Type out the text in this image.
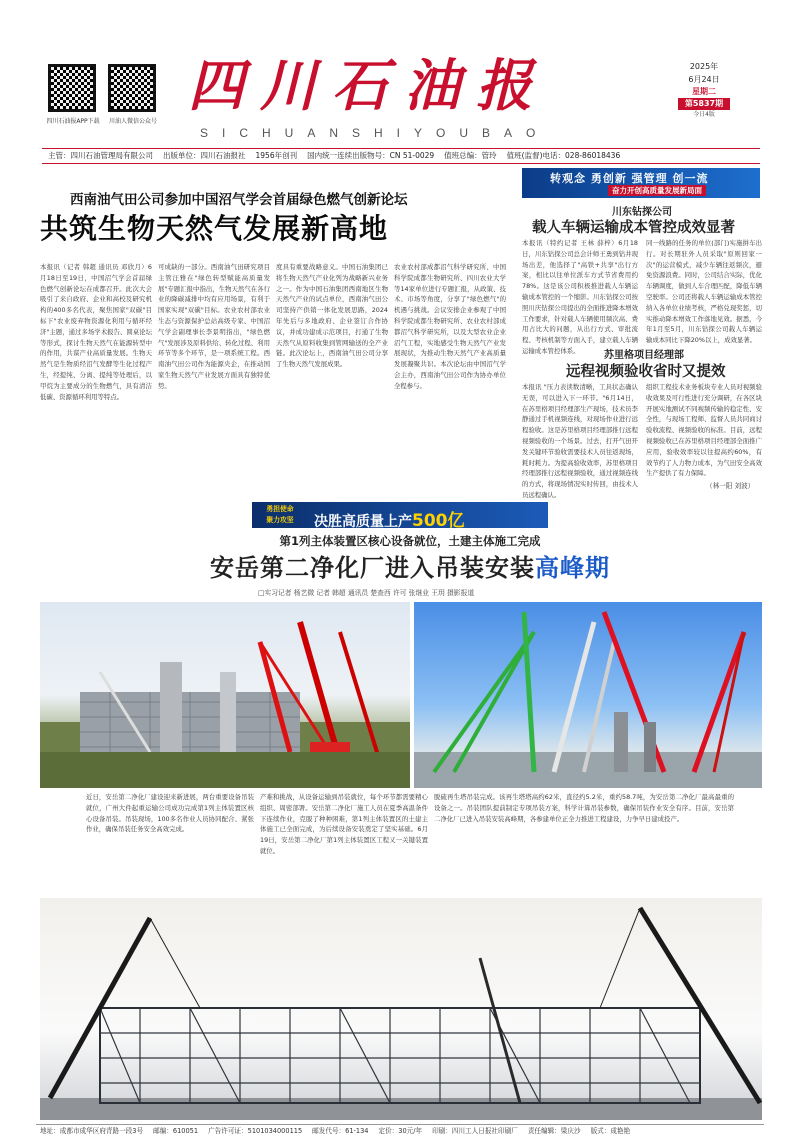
四川石油报APP下载	川油人微信公众号
四川石油报
SICHUANSHIYOUBAO
2025年
6月24日
星期二
第5837期
今日4版
主管：四川石油管理局有限公司 出版单位：四川石油报社 1956年创刊 国内统一连续出版物号：CN 51-0029 值班总编：管玲 值班(监督)电话：028-86018436
西南油气田公司参加中国沼气学会首届绿色燃气创新论坛
共筑生物天然气发展新高地
本报讯（记者 韩超 通讯员 邓欣月）6月18日至19日，中国沼气学会首届绿色燃气创新论坛在成都召开。此次大会吸引了来自政府、企业和高校及研究机构的400多名代表，聚焦国家"双碳"目标下"农业废弃物资源化利用与循环经济"主题，通过多场学术报告、圆桌论坛等形式，探讨生物天然气在能源转型中的作用，共谋产业高质量发展。生物天然气是生物质经沼气发酵等生化过程产生，经提纯、分离、提纯等处理后，以甲烷为主要成分的生物燃气，具有清洁低碳、资源循环利用等特点。
可成缺的一部分。西南油气田研究项目主管汪雅在"绿色转型赋能高质量发展"专题汇报中指出，生物天然气在各行业的降碳减排中均有应用场景，有利于国家实现"双碳"目标。农业农村部农业生态与资源保护总站高级专家、中国沼气学会副理事长李景明指出，"绿色燃气"发展涉及原料供给、转化过程、利用环节等多个环节，是一项系统工程。西南油气田公司作为能源央企，在推动国家生物天然气产业发展方面具有独特优势。
度具有重要战略意义。中国石油集团已将生物天然气产业化列为战略新兴业务之一。作为中国石油集团西南地区生物天然气产业的试点单位，西南油气田公司坚持产供销一体化发展思路，2024年先后与多地政府、企业签订合作协议，并成功建成示范项目，打通了生物天然气从原料收集到管网输送的全产业链。此次论坛上，西南油气田公司分享了生物天然气发展成果。
农业农村部成都沼气科学研究所、中国科学院成都生物研究所、四川农业大学等14家单位进行专题汇报，从政策、技术、市场等角度，分享了"绿色燃气"的机遇与挑战。会议安排企业参观了中国科学院成都生物研究所、农业农村部成都沼气科学研究所，以及大型农业企业沼气工程，实地感受生物天然气产业发展现状，为推动生物天然气产业高质量发展凝聚共识。本次论坛由中国沼气学会主办，西南油气田公司作为协办单位全程参与。
转观念 勇创新 强管理 创一流
奋力开创高质量发展新局面
川东钻探公司
载人车辆运输成本管控成效显著
本报讯（特约记者 王林 薛梓）6月18日，川东钻探公司总会计师王勇到钻井现场出差，他选择了"高铁+共享"出行方案，相比以往单位派车方式节省费用约78%。这是该公司积极推进载人车辆运输成本管控的一个缩影。川东钻探公司按照川庆钻探公司提出的全面推进降本增效工作要求，针对载人车辆使用频次高、费用占比大的问题，从出行方式、审批流程、考核机制等方面入手，建立载人车辆运输成本管控体系。
同一线路的任务的单位(部门)实施拼车出行。对长期驻外人员采取"原则回家一次"的运营模式，减少车辆往返频次，避免资源浪费。同时，公司结合实际，优化车辆调度，做到人车合理匹配，降低车辆空驶率。公司还将载人车辆运输成本管控纳入各单位业绩考核，严格兑现奖惩，切实推动降本增效工作落地见效。据悉，今年1月至5月，川东钻探公司载人车辆运输成本同比下降20%以上，成效显著。
苏里格项目经理部
远程视频验收省时又提效
本报讯 "压力表读数清晰，工具状态确认无误，可以进入下一环节。"6月14日，在苏里格项目经理部生产现场，技术员李静通过手机视频连线，对现场作业进行远程验收。这是苏里格项目经理部推行远程视频验收的一个场景。过去，打开气田开发关键环节验收需要技术人员往返现场，耗时耗力。为提高验收效率，苏里格项目经理部推行远程视频验收，通过视频连线的方式，将现场情况实时传回，由技术人员远程确认。
组织工程技术业务板块专业人员对视频验收效果及可行性进行充分调研，在各区块开展实地测试不同视频传输的稳定性、安全性，与现场工程师、监督人员共同商讨验收流程、视频验收的标准。目前，远程视频验收已在苏里格项目经理部全面推广应用，验收效率较以往提高约60%，有效节约了人力物力成本，为气田安全高效生产提供了有力保障。
（林一阳 刘波）
勇担使命
聚力攻坚	决胜高质量上产500亿
第1列主体装置区核心设备就位，土建主体施工完成
安岳第二净化厂进入吊装安装高峰期
□实习记者 杨艺微 记者 韩超 通讯员 楚查西 许可 张继业 王玥 摄影报道
近日，安岳第二净化厂建设迎来新进展，两台重要设备吊装就位，广州大件起重运输公司成功完成第1列主体装置区核心设备吊装。吊装现场，100多名作业人员协同配合、紧张作业，确保吊装任务安全高效完成。
产难和挑战，从设备运输到吊装就位，每个环节都需要精心组织、周密部署。安岳第二净化厂施工人员在夏季高温条件下连续作业，克服了种种困难，第1列主体装置区的土建主体施工已全面完成，为后续设备安装奠定了坚实基础。6月19日，安岳第二净化厂第1列主体装置区工程又一关键装置就位。
脱硫再生塔吊装完成。该再生塔塔高约62米，直径约5.2米，重约58.7吨，为安岳第二净化厂最高最重的设备之一。吊装团队提前制定专项吊装方案，科学计算吊装参数，确保吊装作业安全有序。目前，安岳第二净化厂已进入吊装安装高峰期，各参建单位正全力推进工程建设，力争早日建成投产。
地址：成都市成华区府青路一段3号 邮编：610051 广告许可证：5101034000115 邮发代号：61-134 定价：30元/年 印刷：四川工人日报社印刷厂 责任编辑：梁庆沙 版式：成艳艳
